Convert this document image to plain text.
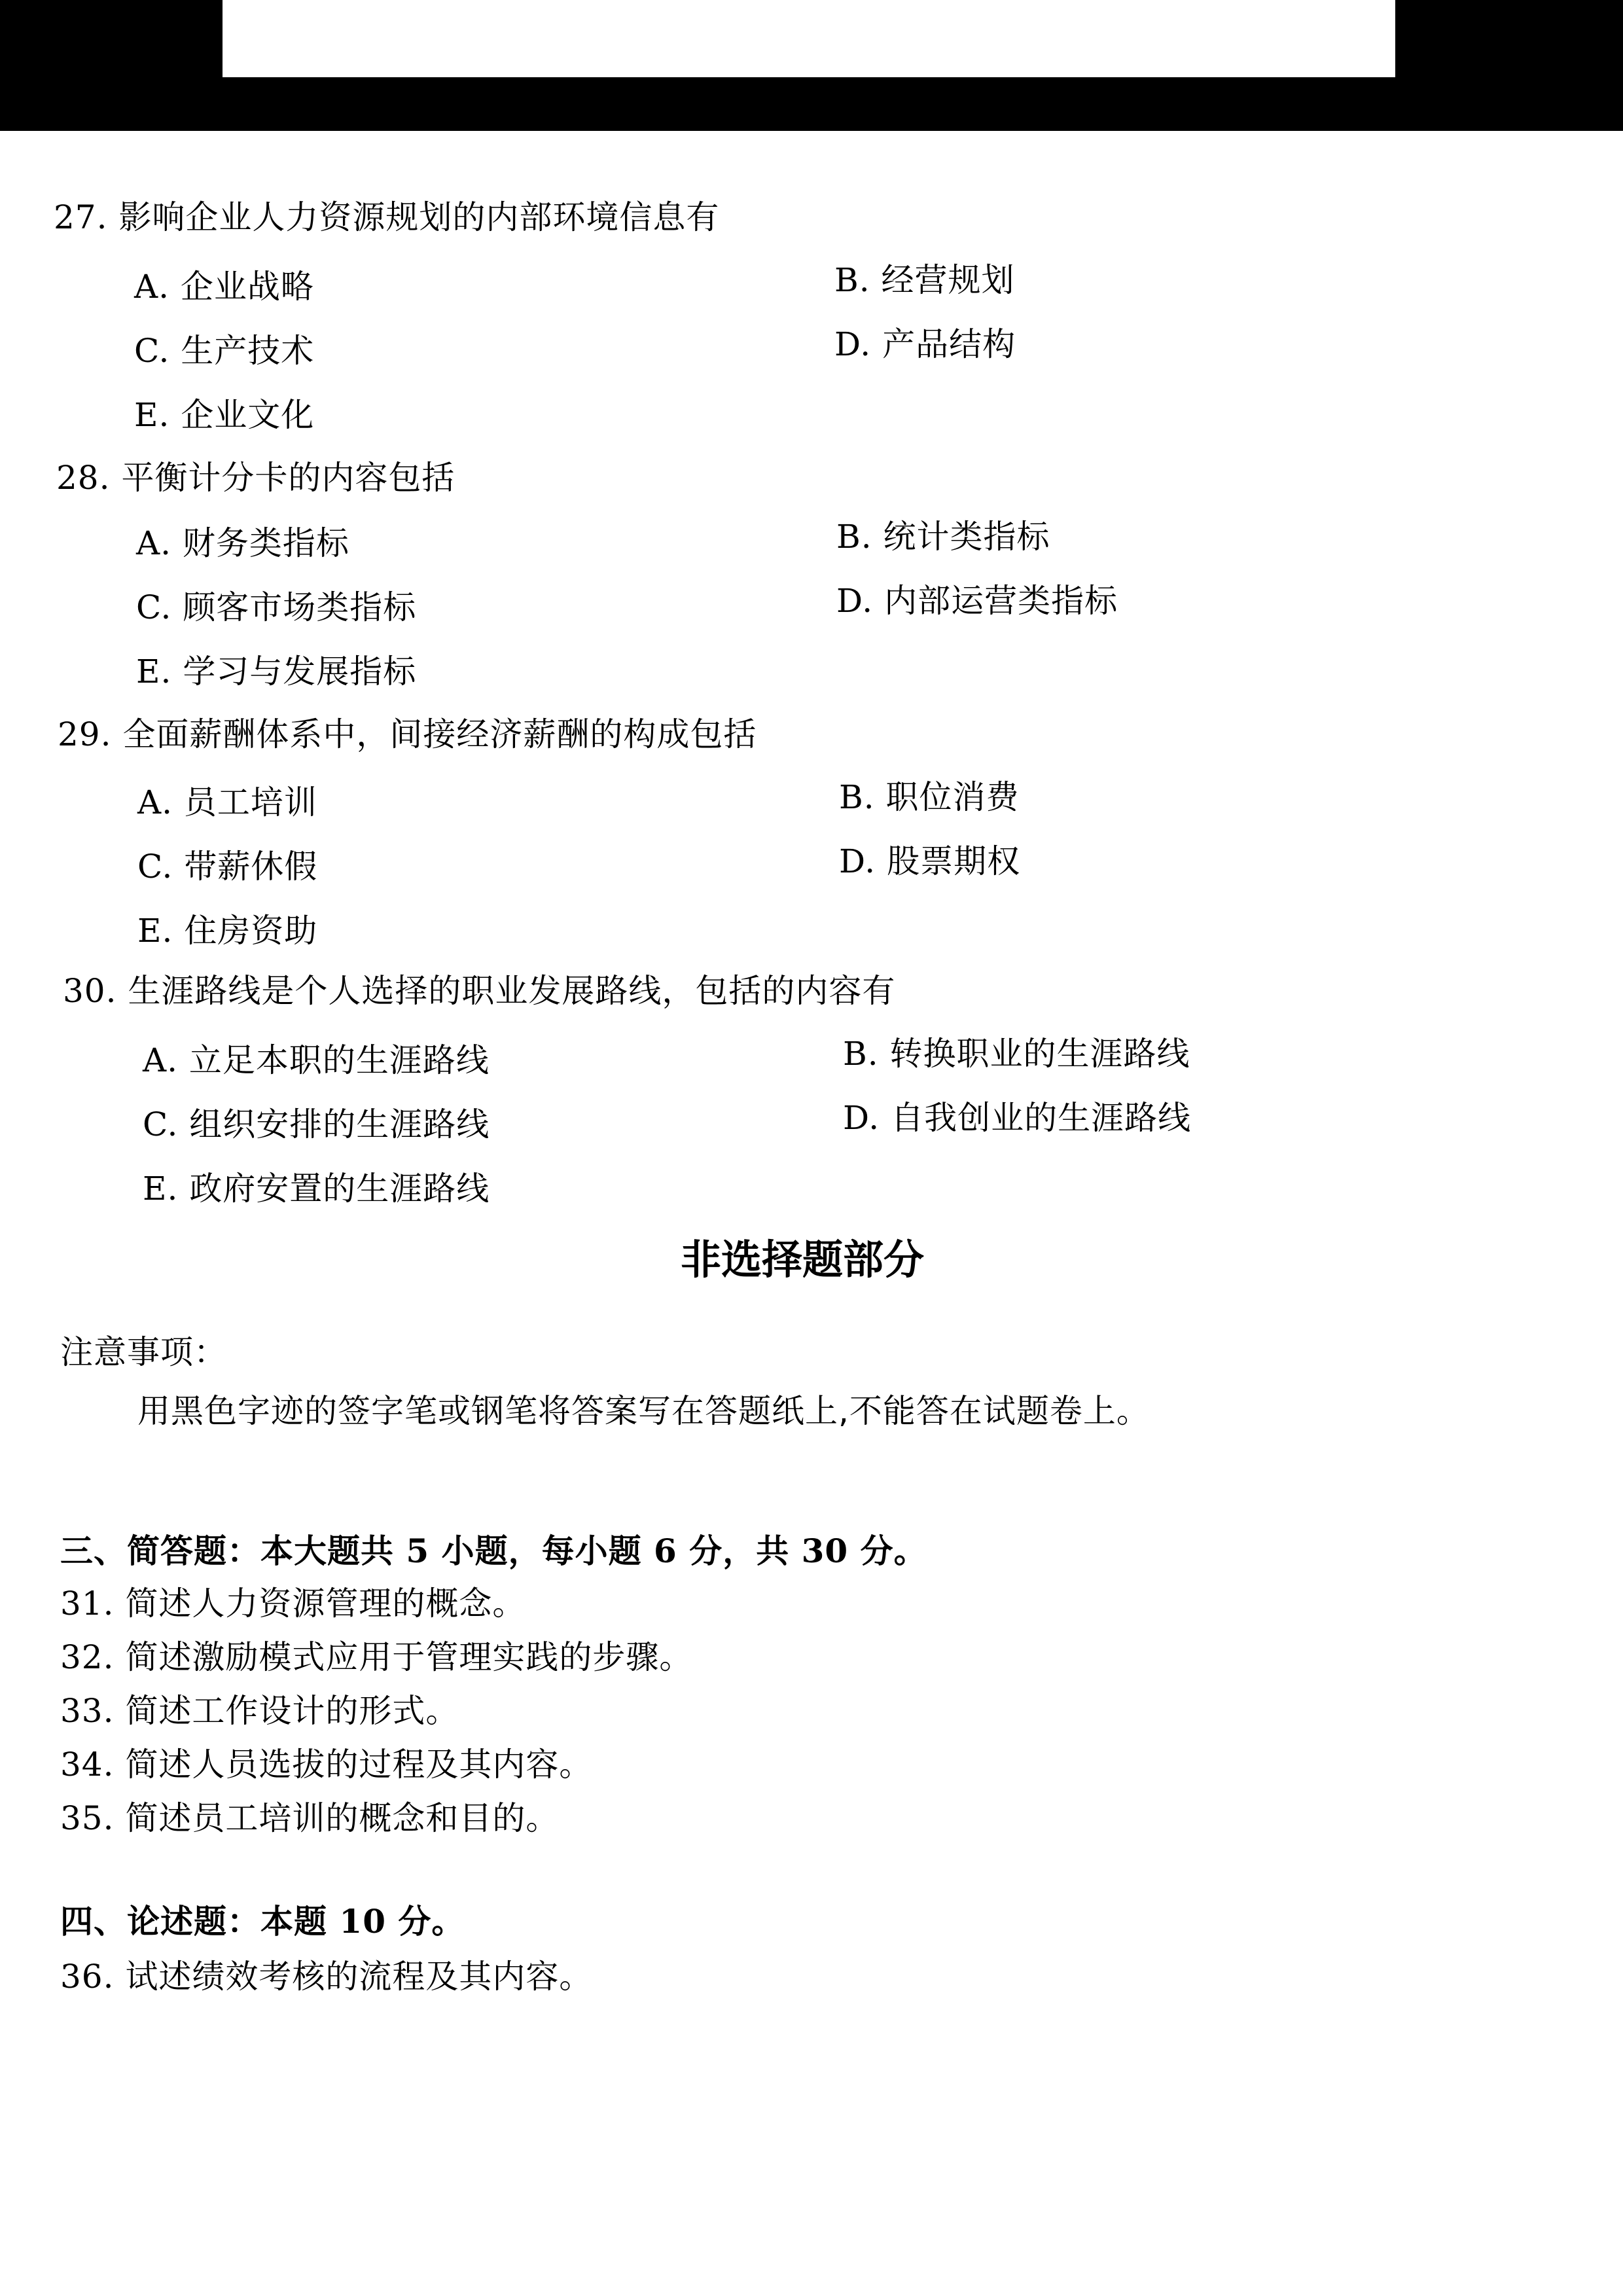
27. 影响企业人力资源规划的内部环境信息有
A. 企业战略	B. 经营规划
C. 生产技术	D. 产品结构
E. 企业文化
28. 平衡计分卡的内容包括
A. 财务类指标	B. 统计类指标
C. 顾客市场类指标	D. 内部运营类指标
E. 学习与发展指标
29. 全面薪酬体系中，间接经济薪酬的构成包括
A. 员工培训	B. 职位消费
C. 带薪休假	D. 股票期权
E. 住房资助
30. 生涯路线是个人选择的职业发展路线，包括的内容有
A. 立足本职的生涯路线	B. 转换职业的生涯路线
C. 组织安排的生涯路线	D. 自我创业的生涯路线
E. 政府安置的生涯路线
非选择题部分
注意事项：
用黑色字迹的签字笔或钢笔将答案写在答题纸上,不能答在试题卷上。
三、简答题：本大题共 5 小题，每小题 6 分，共 30 分。
31. 简述人力资源管理的概念。
32. 简述激励模式应用于管理实践的步骤。
33. 简述工作设计的形式。
34. 简述人员选拔的过程及其内容。
35. 简述员工培训的概念和目的。
四、论述题：本题 10 分。
36. 试述绩效考核的流程及其内容。
